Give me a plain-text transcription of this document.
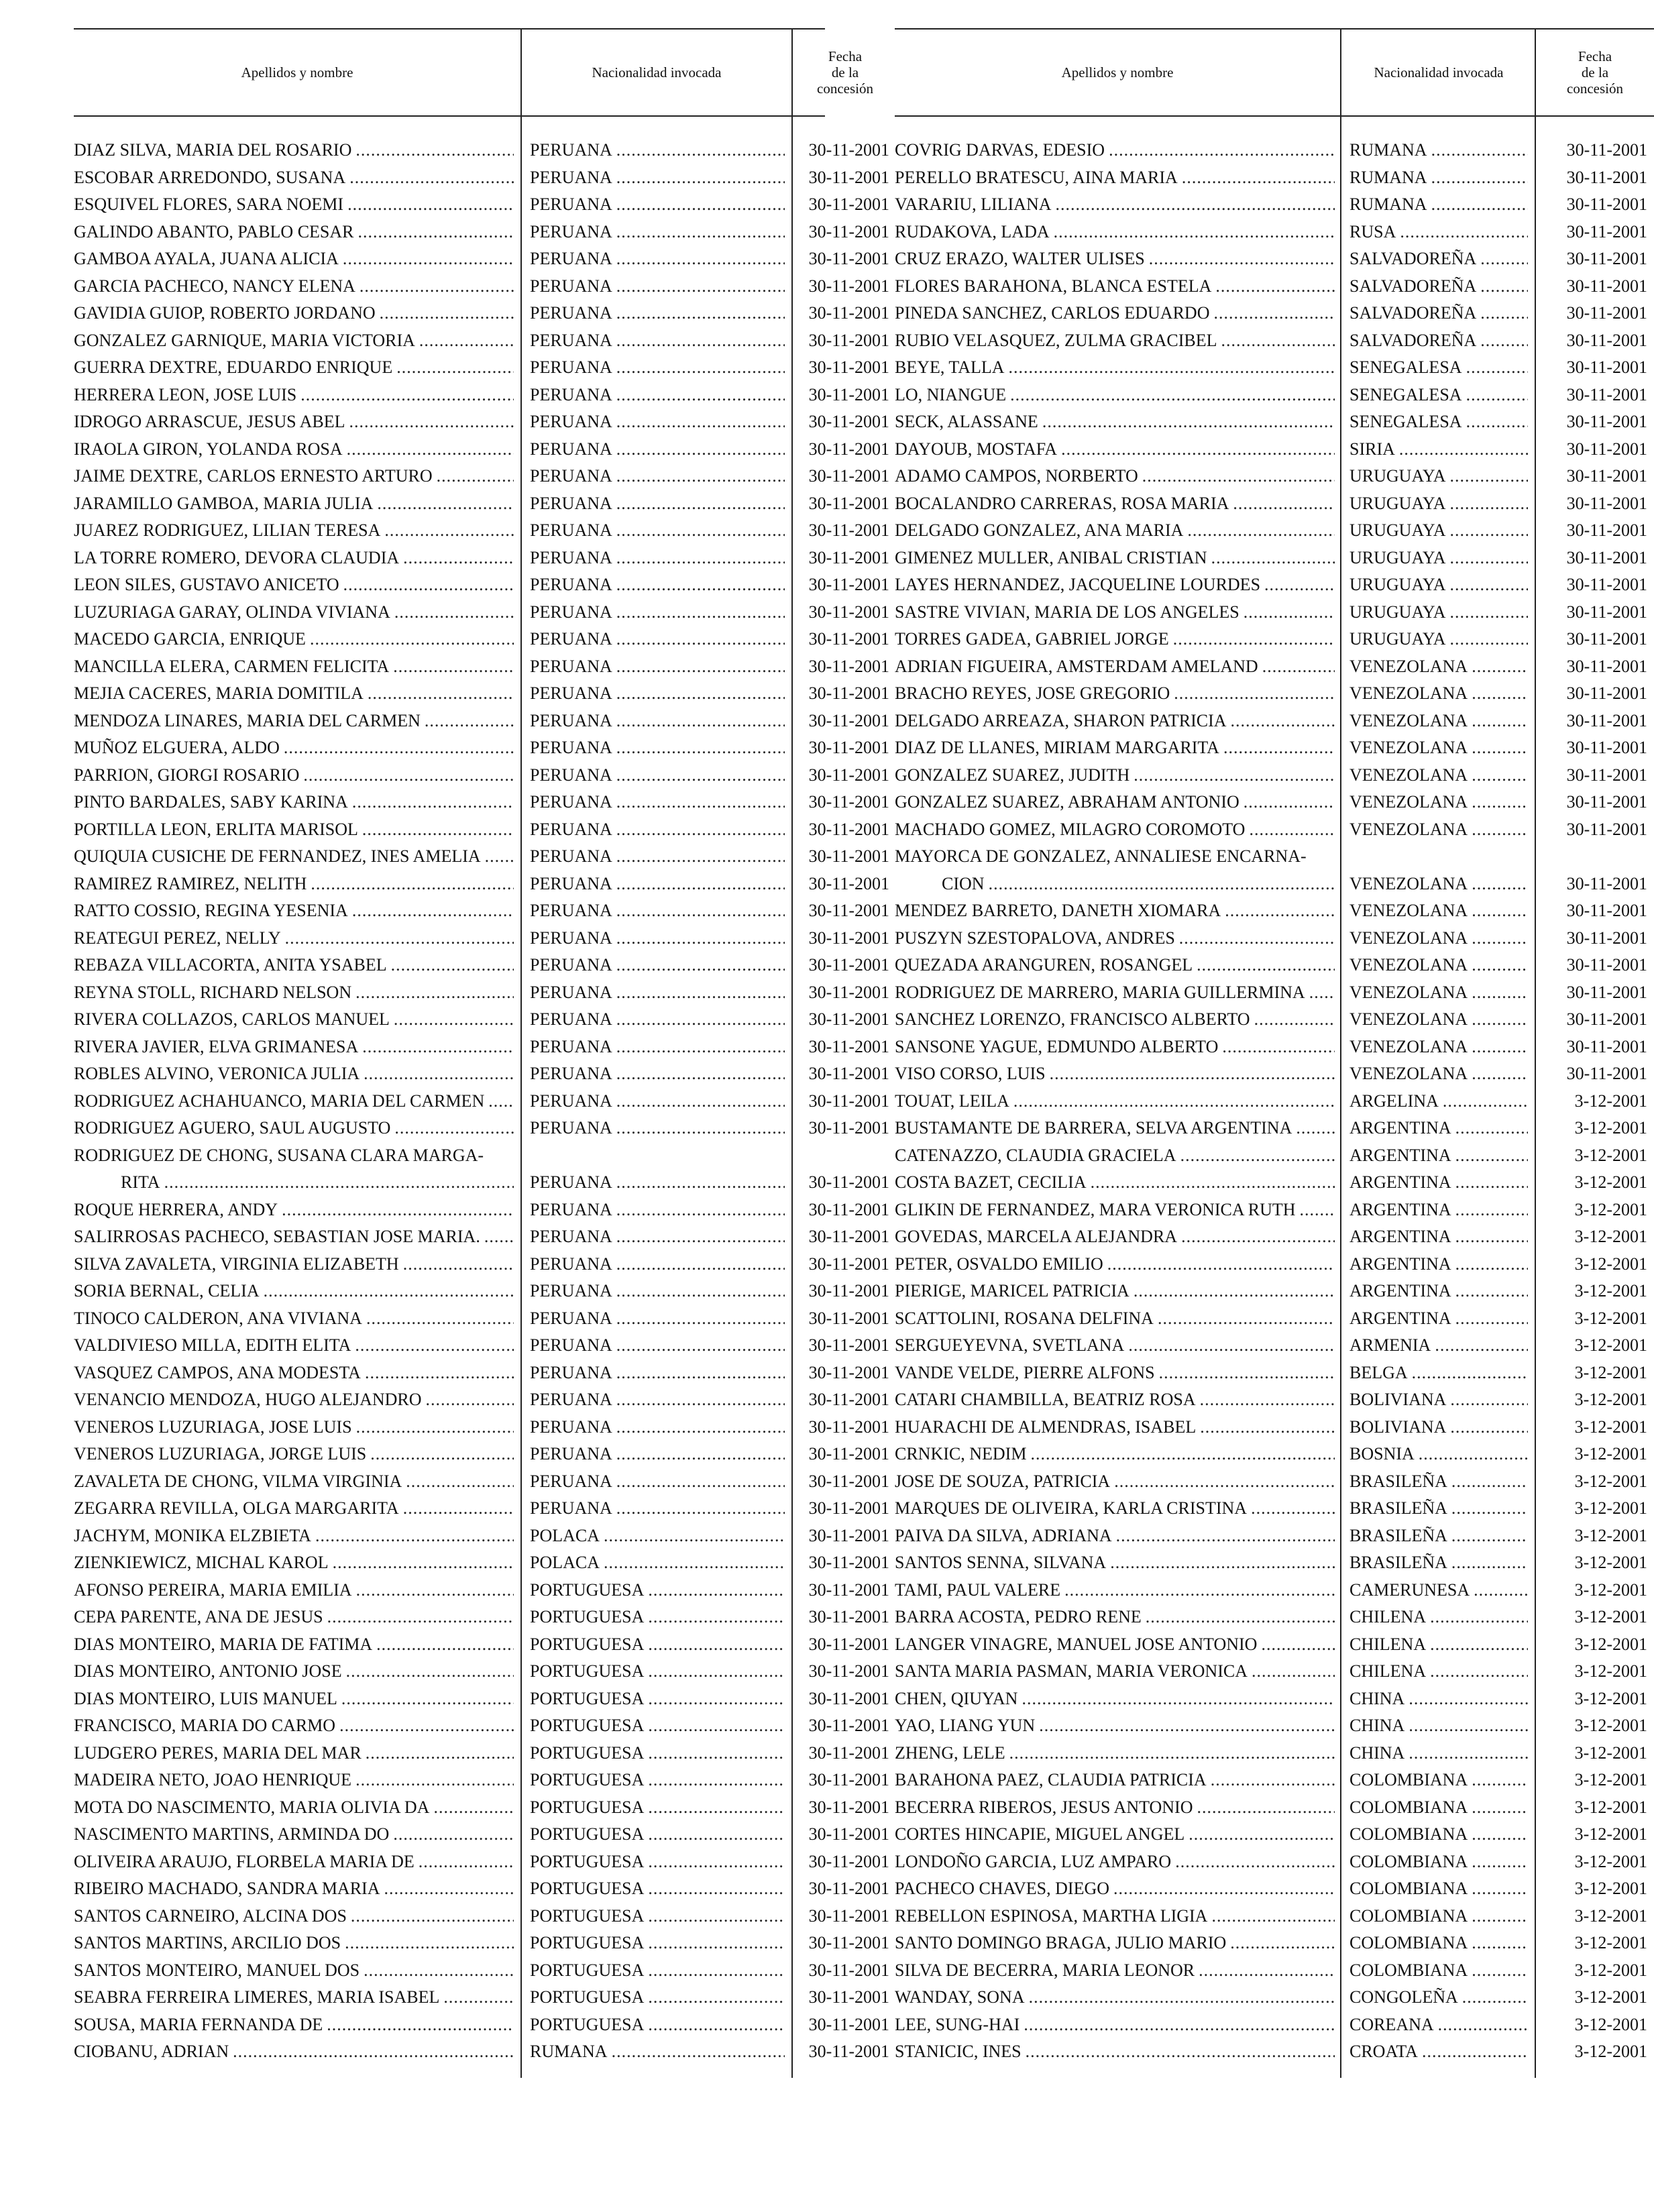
Apellidos y nombre	Nacionalidad invocada
Fecha
de la
concesión
DIAZ SILVA, MARIA DEL ROSARIO .....	PERUANA .....	30-11-2001
ESCOBAR ARREDONDO, SUSANA .....	PERUANA .....	30-11-2001
ESQUIVEL FLORES, SARA NOEMI .....	PERUANA .....	30-11-2001
GALINDO ABANTO, PABLO CESAR .....	PERUANA .....	30-11-2001
GAMBOA AYALA, JUANA ALICIA .....	PERUANA .....	30-11-2001
GARCIA PACHECO, NANCY ELENA .....	PERUANA .....	30-11-2001
GAVIDIA GUIOP, ROBERTO JORDANO .....	PERUANA .....	30-11-2001
GONZALEZ GARNIQUE, MARIA VICTORIA .....	PERUANA .....	30-11-2001
GUERRA DEXTRE, EDUARDO ENRIQUE .....	PERUANA .....	30-11-2001
HERRERA LEON, JOSE LUIS .....	PERUANA .....	30-11-2001
IDROGO ARRASCUE, JESUS ABEL .....	PERUANA .....	30-11-2001
IRAOLA GIRON, YOLANDA ROSA .....	PERUANA .....	30-11-2001
JAIME DEXTRE, CARLOS ERNESTO ARTURO .....	PERUANA .....	30-11-2001
JARAMILLO GAMBOA, MARIA JULIA .....	PERUANA .....	30-11-2001
JUAREZ RODRIGUEZ, LILIAN TERESA .....	PERUANA .....	30-11-2001
LA TORRE ROMERO, DEVORA CLAUDIA .....	PERUANA .....	30-11-2001
LEON SILES, GUSTAVO ANICETO .....	PERUANA .....	30-11-2001
LUZURIAGA GARAY, OLINDA VIVIANA .....	PERUANA .....	30-11-2001
MACEDO GARCIA, ENRIQUE .....	PERUANA .....	30-11-2001
MANCILLA ELERA, CARMEN FELICITA .....	PERUANA .....	30-11-2001
MEJIA CACERES, MARIA DOMITILA .....	PERUANA .....	30-11-2001
MENDOZA LINARES, MARIA DEL CARMEN .....	PERUANA .....	30-11-2001
MUÑOZ ELGUERA, ALDO .....	PERUANA .....	30-11-2001
PARRION, GIORGI ROSARIO .....	PERUANA .....	30-11-2001
PINTO BARDALES, SABY KARINA .....	PERUANA .....	30-11-2001
PORTILLA LEON, ERLITA MARISOL .....	PERUANA .....	30-11-2001
QUIQUIA CUSICHE DE FERNANDEZ, INES AMELIA .....	PERUANA .....	30-11-2001
RAMIREZ RAMIREZ, NELITH .....	PERUANA .....	30-11-2001
RATTO COSSIO, REGINA YESENIA .....	PERUANA .....	30-11-2001
REATEGUI PEREZ, NELLY .....	PERUANA .....	30-11-2001
REBAZA VILLACORTA, ANITA YSABEL .....	PERUANA .....	30-11-2001
REYNA STOLL, RICHARD NELSON .....	PERUANA .....	30-11-2001
RIVERA COLLAZOS, CARLOS MANUEL .....	PERUANA .....	30-11-2001
RIVERA JAVIER, ELVA GRIMANESA .....	PERUANA .....	30-11-2001
ROBLES ALVINO, VERONICA JULIA .....	PERUANA .....	30-11-2001
RODRIGUEZ ACHAHUANCO, MARIA DEL CARMEN .....	PERUANA .....	30-11-2001
RODRIGUEZ AGUERO, SAUL AUGUSTO .....	PERUANA .....	30-11-2001
RODRIGUEZ DE CHONG, SUSANA CLARA MARGA-
RITA .....	PERUANA .....	30-11-2001
ROQUE HERRERA, ANDY .....	PERUANA .....	30-11-2001
SALIRROSAS PACHECO, SEBASTIAN JOSE MARIA. .....	PERUANA .....	30-11-2001
SILVA ZAVALETA, VIRGINIA ELIZABETH .....	PERUANA .....	30-11-2001
SORIA BERNAL, CELIA .....	PERUANA .....	30-11-2001
TINOCO CALDERON, ANA VIVIANA .....	PERUANA .....	30-11-2001
VALDIVIESO MILLA, EDITH ELITA .....	PERUANA .....	30-11-2001
VASQUEZ CAMPOS, ANA MODESTA .....	PERUANA .....	30-11-2001
VENANCIO MENDOZA, HUGO ALEJANDRO .....	PERUANA .....	30-11-2001
VENEROS LUZURIAGA, JOSE LUIS .....	PERUANA .....	30-11-2001
VENEROS LUZURIAGA, JORGE LUIS .....	PERUANA .....	30-11-2001
ZAVALETA DE CHONG, VILMA VIRGINIA .....	PERUANA .....	30-11-2001
ZEGARRA REVILLA, OLGA MARGARITA .....	PERUANA .....	30-11-2001
JACHYM, MONIKA ELZBIETA .....	POLACA .....	30-11-2001
ZIENKIEWICZ, MICHAL KAROL .....	POLACA .....	30-11-2001
AFONSO PEREIRA, MARIA EMILIA .....	PORTUGUESA .....	30-11-2001
CEPA PARENTE, ANA DE JESUS .....	PORTUGUESA .....	30-11-2001
DIAS MONTEIRO, MARIA DE FATIMA .....	PORTUGUESA .....	30-11-2001
DIAS MONTEIRO, ANTONIO JOSE .....	PORTUGUESA .....	30-11-2001
DIAS MONTEIRO, LUIS MANUEL .....	PORTUGUESA .....	30-11-2001
FRANCISCO, MARIA DO CARMO .....	PORTUGUESA .....	30-11-2001
LUDGERO PERES, MARIA DEL MAR .....	PORTUGUESA .....	30-11-2001
MADEIRA NETO, JOAO HENRIQUE .....	PORTUGUESA .....	30-11-2001
MOTA DO NASCIMENTO, MARIA OLIVIA DA .....	PORTUGUESA .....	30-11-2001
NASCIMENTO MARTINS, ARMINDA DO .....	PORTUGUESA .....	30-11-2001
OLIVEIRA ARAUJO, FLORBELA MARIA DE .....	PORTUGUESA .....	30-11-2001
RIBEIRO MACHADO, SANDRA MARIA .....	PORTUGUESA .....	30-11-2001
SANTOS CARNEIRO, ALCINA DOS .....	PORTUGUESA .....	30-11-2001
SANTOS MARTINS, ARCILIO DOS .....	PORTUGUESA .....	30-11-2001
SANTOS MONTEIRO, MANUEL DOS .....	PORTUGUESA .....	30-11-2001
SEABRA FERREIRA LIMERES, MARIA ISABEL .....	PORTUGUESA .....	30-11-2001
SOUSA, MARIA FERNANDA DE .....	PORTUGUESA .....	30-11-2001
CIOBANU, ADRIAN .....	RUMANA .....	30-11-2001
Apellidos y nombre	Nacionalidad invocada
Fecha
de la
concesión
COVRIG DARVAS, EDESIO .....	RUMANA .....	30-11-2001
PERELLO BRATESCU, AINA MARIA .....	RUMANA .....	30-11-2001
VARARIU, LILIANA .....	RUMANA .....	30-11-2001
RUDAKOVA, LADA .....	RUSA .....	30-11-2001
CRUZ ERAZO, WALTER ULISES .....	SALVADOREÑA .....	30-11-2001
FLORES BARAHONA, BLANCA ESTELA .....	SALVADOREÑA .....	30-11-2001
PINEDA SANCHEZ, CARLOS EDUARDO .....	SALVADOREÑA .....	30-11-2001
RUBIO VELASQUEZ, ZULMA GRACIBEL .....	SALVADOREÑA .....	30-11-2001
BEYE, TALLA .....	SENEGALESA .....	30-11-2001
LO, NIANGUE .....	SENEGALESA .....	30-11-2001
SECK, ALASSANE .....	SENEGALESA .....	30-11-2001
DAYOUB, MOSTAFA .....	SIRIA .....	30-11-2001
ADAMO CAMPOS, NORBERTO .....	URUGUAYA .....	30-11-2001
BOCALANDRO CARRERAS, ROSA MARIA .....	URUGUAYA .....	30-11-2001
DELGADO GONZALEZ, ANA MARIA .....	URUGUAYA .....	30-11-2001
GIMENEZ MULLER, ANIBAL CRISTIAN .....	URUGUAYA .....	30-11-2001
LAYES HERNANDEZ, JACQUELINE LOURDES .....	URUGUAYA .....	30-11-2001
SASTRE VIVIAN, MARIA DE LOS ANGELES .....	URUGUAYA .....	30-11-2001
TORRES GADEA, GABRIEL JORGE .....	URUGUAYA .....	30-11-2001
ADRIAN FIGUEIRA, AMSTERDAM AMELAND .....	VENEZOLANA .....	30-11-2001
BRACHO REYES, JOSE GREGORIO .....	VENEZOLANA .....	30-11-2001
DELGADO ARREAZA, SHARON PATRICIA .....	VENEZOLANA .....	30-11-2001
DIAZ DE LLANES, MIRIAM MARGARITA .....	VENEZOLANA .....	30-11-2001
GONZALEZ SUAREZ, JUDITH .....	VENEZOLANA .....	30-11-2001
GONZALEZ SUAREZ, ABRAHAM ANTONIO .....	VENEZOLANA .....	30-11-2001
MACHADO GOMEZ, MILAGRO COROMOTO .....	VENEZOLANA .....	30-11-2001
MAYORCA DE GONZALEZ, ANNALIESE ENCARNA-
CION .....	VENEZOLANA .....	30-11-2001
MENDEZ BARRETO, DANETH XIOMARA .....	VENEZOLANA .....	30-11-2001
PUSZYN SZESTOPALOVA, ANDRES .....	VENEZOLANA .....	30-11-2001
QUEZADA ARANGUREN, ROSANGEL .....	VENEZOLANA .....	30-11-2001
RODRIGUEZ DE MARRERO, MARIA GUILLERMINA .....	VENEZOLANA .....	30-11-2001
SANCHEZ LORENZO, FRANCISCO ALBERTO .....	VENEZOLANA .....	30-11-2001
SANSONE YAGUE, EDMUNDO ALBERTO .....	VENEZOLANA .....	30-11-2001
VISO CORSO, LUIS .....	VENEZOLANA .....	30-11-2001
TOUAT, LEILA .....	ARGELINA .....	3-12-2001
BUSTAMANTE DE BARRERA, SELVA ARGENTINA .....	ARGENTINA .....	3-12-2001
CATENAZZO, CLAUDIA GRACIELA .....	ARGENTINA .....	3-12-2001
COSTA BAZET, CECILIA .....	ARGENTINA .....	3-12-2001
GLIKIN DE FERNANDEZ, MARA VERONICA RUTH .....	ARGENTINA .....	3-12-2001
GOVEDAS, MARCELA ALEJANDRA .....	ARGENTINA .....	3-12-2001
PETER, OSVALDO EMILIO .....	ARGENTINA .....	3-12-2001
PIERIGE, MARICEL PATRICIA .....	ARGENTINA .....	3-12-2001
SCATTOLINI, ROSANA DELFINA .....	ARGENTINA .....	3-12-2001
SERGUEYEVNA, SVETLANA .....	ARMENIA .....	3-12-2001
VANDE VELDE, PIERRE ALFONS .....	BELGA .....	3-12-2001
CATARI CHAMBILLA, BEATRIZ ROSA .....	BOLIVIANA .....	3-12-2001
HUARACHI DE ALMENDRAS, ISABEL .....	BOLIVIANA .....	3-12-2001
CRNKIC, NEDIM .....	BOSNIA .....	3-12-2001
JOSE DE SOUZA, PATRICIA .....	BRASILEÑA .....	3-12-2001
MARQUES DE OLIVEIRA, KARLA CRISTINA .....	BRASILEÑA .....	3-12-2001
PAIVA DA SILVA, ADRIANA .....	BRASILEÑA .....	3-12-2001
SANTOS SENNA, SILVANA .....	BRASILEÑA .....	3-12-2001
TAMI, PAUL VALERE .....	CAMERUNESA .....	3-12-2001
BARRA ACOSTA, PEDRO RENE .....	CHILENA .....	3-12-2001
LANGER VINAGRE, MANUEL JOSE ANTONIO .....	CHILENA .....	3-12-2001
SANTA MARIA PASMAN, MARIA VERONICA .....	CHILENA .....	3-12-2001
CHEN, QIUYAN .....	CHINA .....	3-12-2001
YAO, LIANG YUN .....	CHINA .....	3-12-2001
ZHENG, LELE .....	CHINA .....	3-12-2001
BARAHONA PAEZ, CLAUDIA PATRICIA .....	COLOMBIANA .....	3-12-2001
BECERRA RIBEROS, JESUS ANTONIO .....	COLOMBIANA .....	3-12-2001
CORTES HINCAPIE, MIGUEL ANGEL .....	COLOMBIANA .....	3-12-2001
LONDOÑO GARCIA, LUZ AMPARO .....	COLOMBIANA .....	3-12-2001
PACHECO CHAVES, DIEGO .....	COLOMBIANA .....	3-12-2001
REBELLON ESPINOSA, MARTHA LIGIA .....	COLOMBIANA .....	3-12-2001
SANTO DOMINGO BRAGA, JULIO MARIO .....	COLOMBIANA .....	3-12-2001
SILVA DE BECERRA, MARIA LEONOR .....	COLOMBIANA .....	3-12-2001
WANDAY, SONA .....	CONGOLEÑA .....	3-12-2001
LEE, SUNG-HAI .....	COREANA .....	3-12-2001
STANICIC, INES .....	CROATA .....	3-12-2001
